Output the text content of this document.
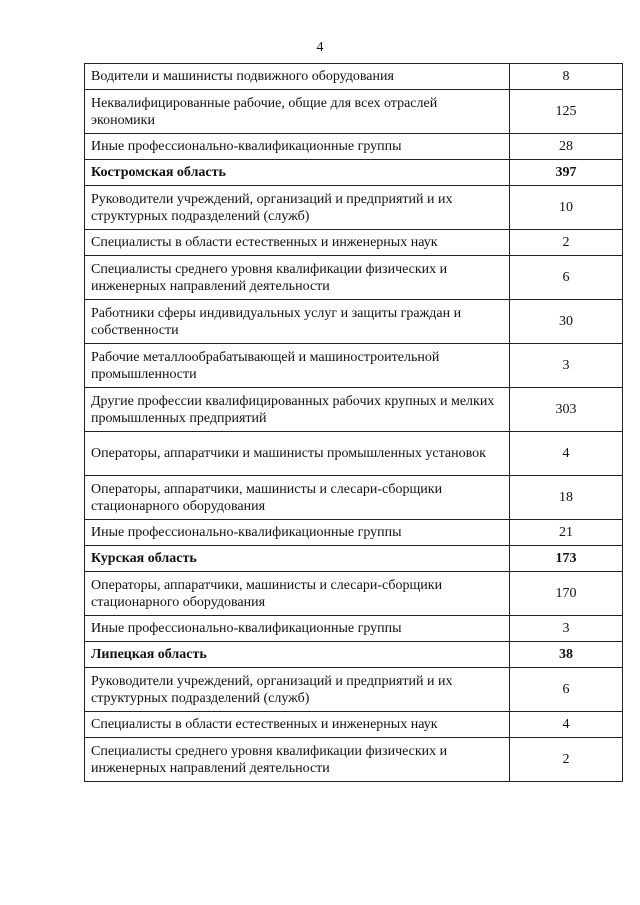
4
Водители и машинисты подвижного оборудования	8
Неквалифицированные рабочие, общие для всех отраслей экономики	125
Иные профессионально-квалификационные группы	28
Костромская область	397
Руководители учреждений, организаций и предприятий и их структурных подразделений (служб)	10
Специалисты в области естественных и инженерных наук	2
Специалисты среднего уровня квалификации физических и инженерных направлений деятельности	6
Работники сферы индивидуальных услуг и защиты граждан и собственности	30
Рабочие металлообрабатывающей и машиностроительной промышленности	3
Другие профессии квалифицированных рабочих крупных и мелких промышленных предприятий	303
Операторы, аппаратчики и машинисты промышленных установок	4
Операторы, аппаратчики, машинисты и слесари-сборщики стационарного оборудования	18
Иные профессионально-квалификационные группы	21
Курская область	173
Операторы, аппаратчики, машинисты и слесари-сборщики стационарного оборудования	170
Иные профессионально-квалификационные группы	3
Липецкая область	38
Руководители учреждений, организаций и предприятий и их структурных подразделений (служб)	6
Специалисты в области естественных и инженерных наук	4
Специалисты среднего уровня квалификации физических и инженерных направлений деятельности	2
